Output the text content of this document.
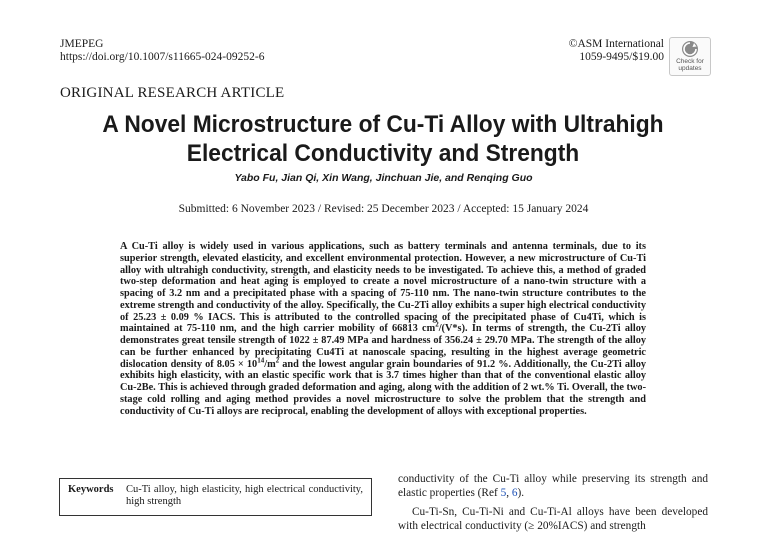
JMEPEG
https://doi.org/10.1007/s11665-024-09252-6
©ASM International
1059-9495/$19.00	Check for
updates
ORIGINAL RESEARCH ARTICLE
A Novel Microstructure of Cu-Ti Alloy with Ultrahigh
Electrical Conductivity and Strength
Yabo Fu, Jian Qi, Xin Wang, Jinchuan Jie, and Renqing Guo
Submitted: 6 November 2023 / Revised: 25 December 2023 / Accepted: 15 January 2024

A Cu-Ti alloy is widely used in various applications, such as battery terminals and antenna terminals, due to its superior strength, elevated elasticity, and excellent environmental protection. However, a new microstructure of Cu-Ti alloy with ultrahigh conductivity, strength, and elasticity needs to be investigated. To achieve this, a method of graded two-step deformation and heat aging is employed to create a novel microstructure of a nano-twin structure with a spacing of 3.2 nm and a precipitated phase with a spacing of 75-110 nm. The nano-twin structure contributes to the extreme strength and conductivity of the alloy. Specifically, the Cu-2Ti alloy exhibits a super high electrical conductivity of 25.23 ± 0.09 % IACS. This is attributed to the controlled spacing of the precipitated phase of Cu4Ti, which is maintained at 75-110 nm, and the high carrier mobility of 66813 $cm^2/(V*s)$. In terms of strength, the Cu-2Ti alloy demonstrates great tensile strength of 1022 ± 87.49 MPa and hardness of 356.24 ± 29.70 MPa. The strength of the alloy can be further enhanced by precipitating Cu4Ti at nanoscale spacing, resulting in the highest average geometric dislocation density of $8.05 \times 10^{14}/m^2$ and the lowest angular grain boundaries of 91.2 %. Additionally, the Cu-2Ti alloy exhibits high elasticity, with an elastic specific work that is 3.7 times higher than that of the conventional elastic alloy Cu-2Be. This is achieved through graded deformation and aging, along with the addition of 2 wt.% Ti. Overall, the two-stage cold rolling and aging method provides a novel microstructure to solve the problem that the strength and conductivity of Cu-Ti alloys are reciprocal, enabling the development of alloys with exceptional properties.

Keywords	Cu-Ti alloy, high elasticity, high electrical conductivity, high strength

conductivity of the Cu-Ti alloy while preserving its strength and elastic properties (Ref 5, 6).
Cu-Ti-Sn, Cu-Ti-Ni and Cu-Ti-Al alloys have been developed with electrical conductivity (≥ 20%IACS) and strength
